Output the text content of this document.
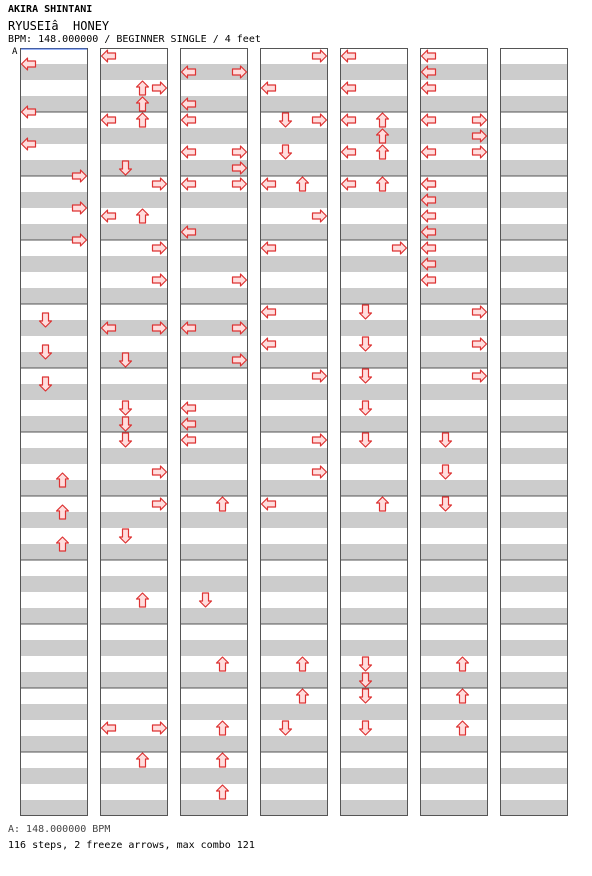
AKIRA SHINTANI
RYUSEIâ  HONEY
BPM: 148.000000 / BEGINNER SINGLE / 4 feet
A
A: 148.000000 BPM
116 steps, 2 freeze arrows, max combo 121
